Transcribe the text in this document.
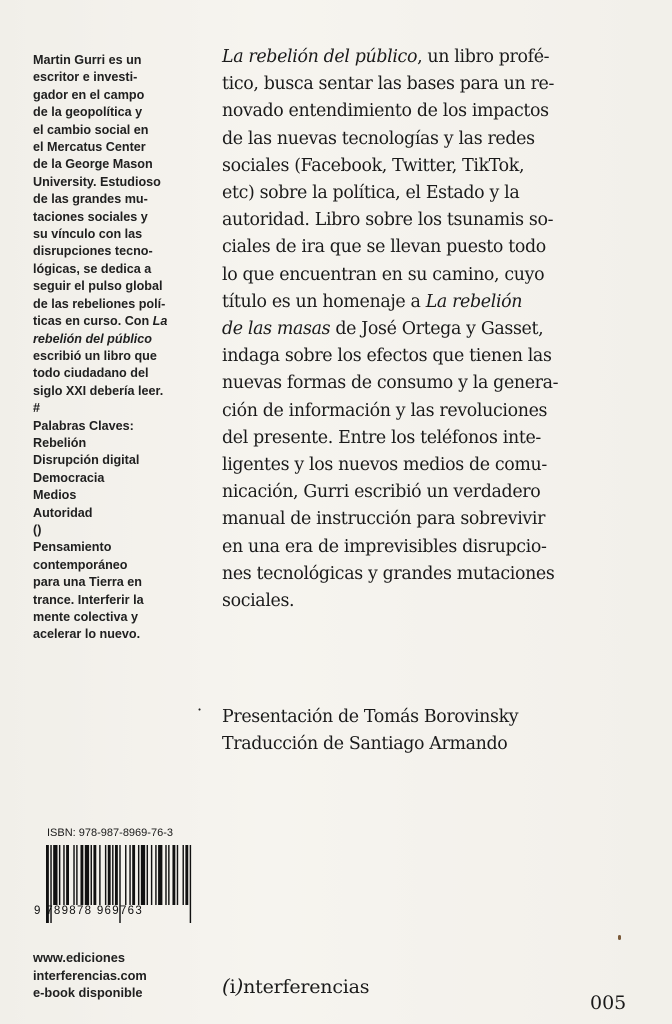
Martin Gurri es un
escritor e investi-
gador en el campo
de la geopolítica y
el cambio social en
el Mercatus Center
de la George Mason
University. Estudioso
de las grandes mu-
taciones sociales y
su vínculo con las
disrupciones tecno-
lógicas, se dedica a
seguir el pulso global
de las rebeliones polí-
ticas en curso. Con La
rebelión del público
escribió un libro que
todo ciudadano del
siglo XXI debería leer.

#

Palabras Claves:

Rebelión
Disrupción digital
Democracia
Medios
Autoridad

()

Pensamiento
contemporáneo
para una Tierra en
trance. Interferir la
mente colectiva y
acelerar lo nuevo.

ISBN: 978-987-8969-76-3
9 789878 969763

www.ediciones

interferencias.com

e-book disponible

La rebelión del público, un libro profé-
tico, busca sentar las bases para un re-
novado entendimiento de los impactos
de las nuevas tecnologías y las redes
sociales (Facebook, Twitter, TikTok,
etc) sobre la política, el Estado y la
autoridad. Libro sobre los tsunamis so-
ciales de ira que se llevan puesto todo
lo que encuentran en su camino, cuyo
título es un homenaje a La rebelión
de las masas de José Ortega y Gasset,
indaga sobre los efectos que tienen las
nuevas formas de consumo y la genera-
ción de información y las revoluciones
del presente. Entre los teléfonos inte-
ligentes y los nuevos medios de comu-
nicación, Gurri escribió un verdadero
manual de instrucción para sobrevivir
en una era de imprevisibles disrupcio-
nes tecnológicas y grandes mutaciones
sociales.
· Presentación de Tomás Borovinsky

Traducción de Santiago Armando

(i)nterferencias
005
